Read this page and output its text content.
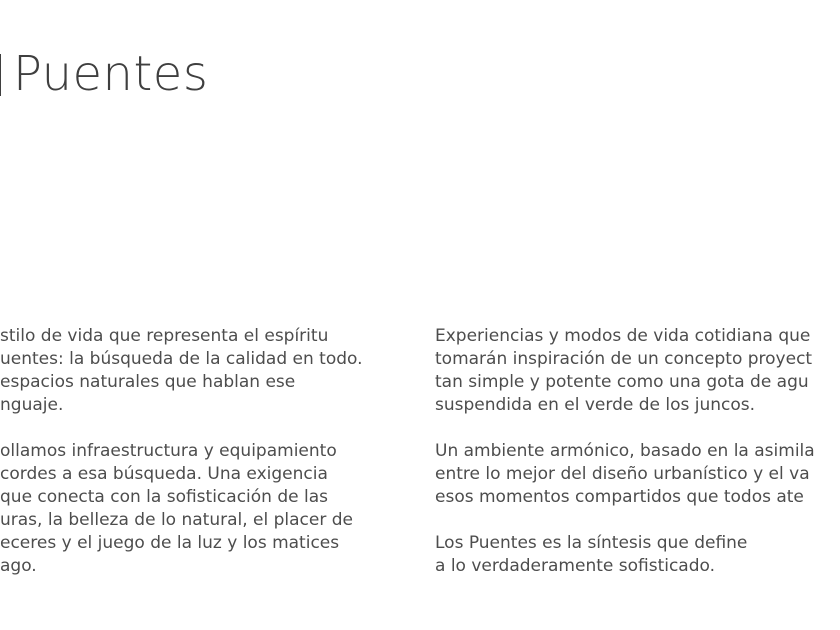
Puentes

stilo de vida que representa el espíritu
uentes: la búsqueda de la calidad en todo.
espacios naturales que hablan ese
nguaje.

ollamos infraestructura y equipamiento
cordes a esa búsqueda. Una exigencia
que conecta con la sofisticación de las
uras, la belleza de lo natural, el placer de
eceres y el juego de la luz y los matices
ago.

Experiencias y modos de vida cotidiana que
tomarán inspiración de un concepto proyect
tan simple y potente como una gota de agu
suspendida en el verde de los juncos.

Un ambiente armónico, basado en la asimila
entre lo mejor del diseño urbanístico y el va
esos momentos compartidos que todos ate

Los Puentes es la síntesis que define
a lo verdaderamente sofisticado.
